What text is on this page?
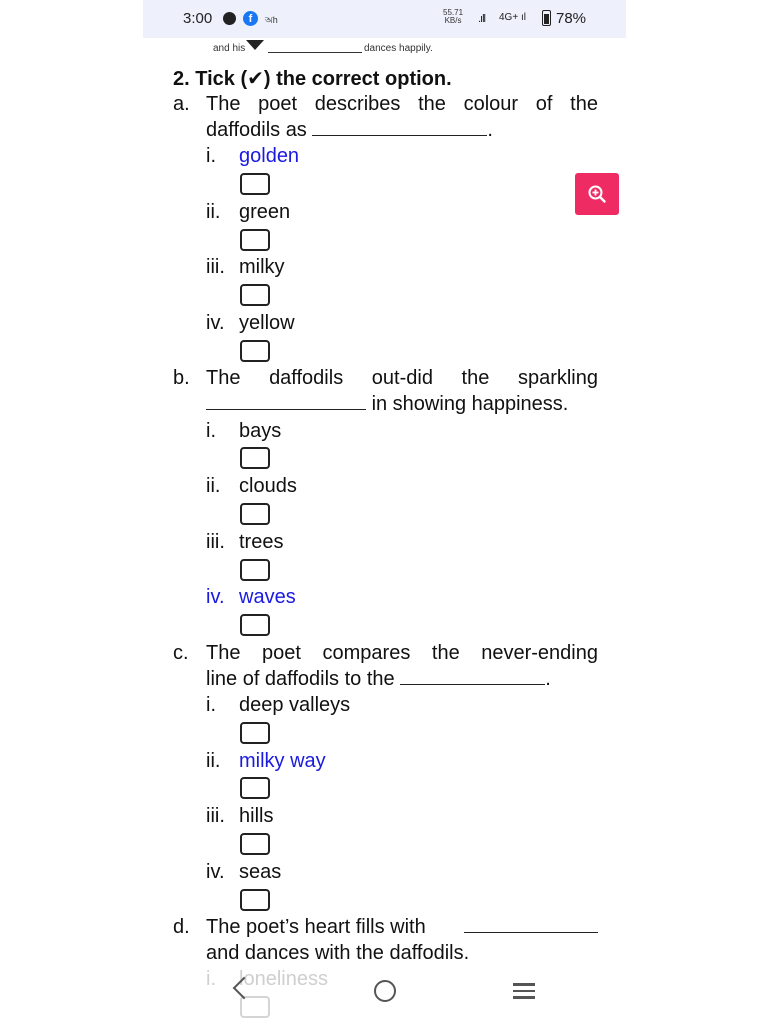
3:00	f	অh
55.71
KB/s .ıll 4G+ ıl 78%
and his	dances happily.
2. Tick (✔) the correct option.
a. The poet describes the colour of the
daffodils as	.
i. golden
ii. green
iii. milky
iv. yellow
b. The daffodils out-did the sparkling
in showing happiness.
i. bays
ii. clouds
iii. trees
iv. waves
c. The poet compares the never-ending
line of daffodils to the	.
i. deep valleys
ii. milky way
iii. hills
iv. seas
d. The poet’s heart fills with
and dances with the daffodils.
i. loneliness
